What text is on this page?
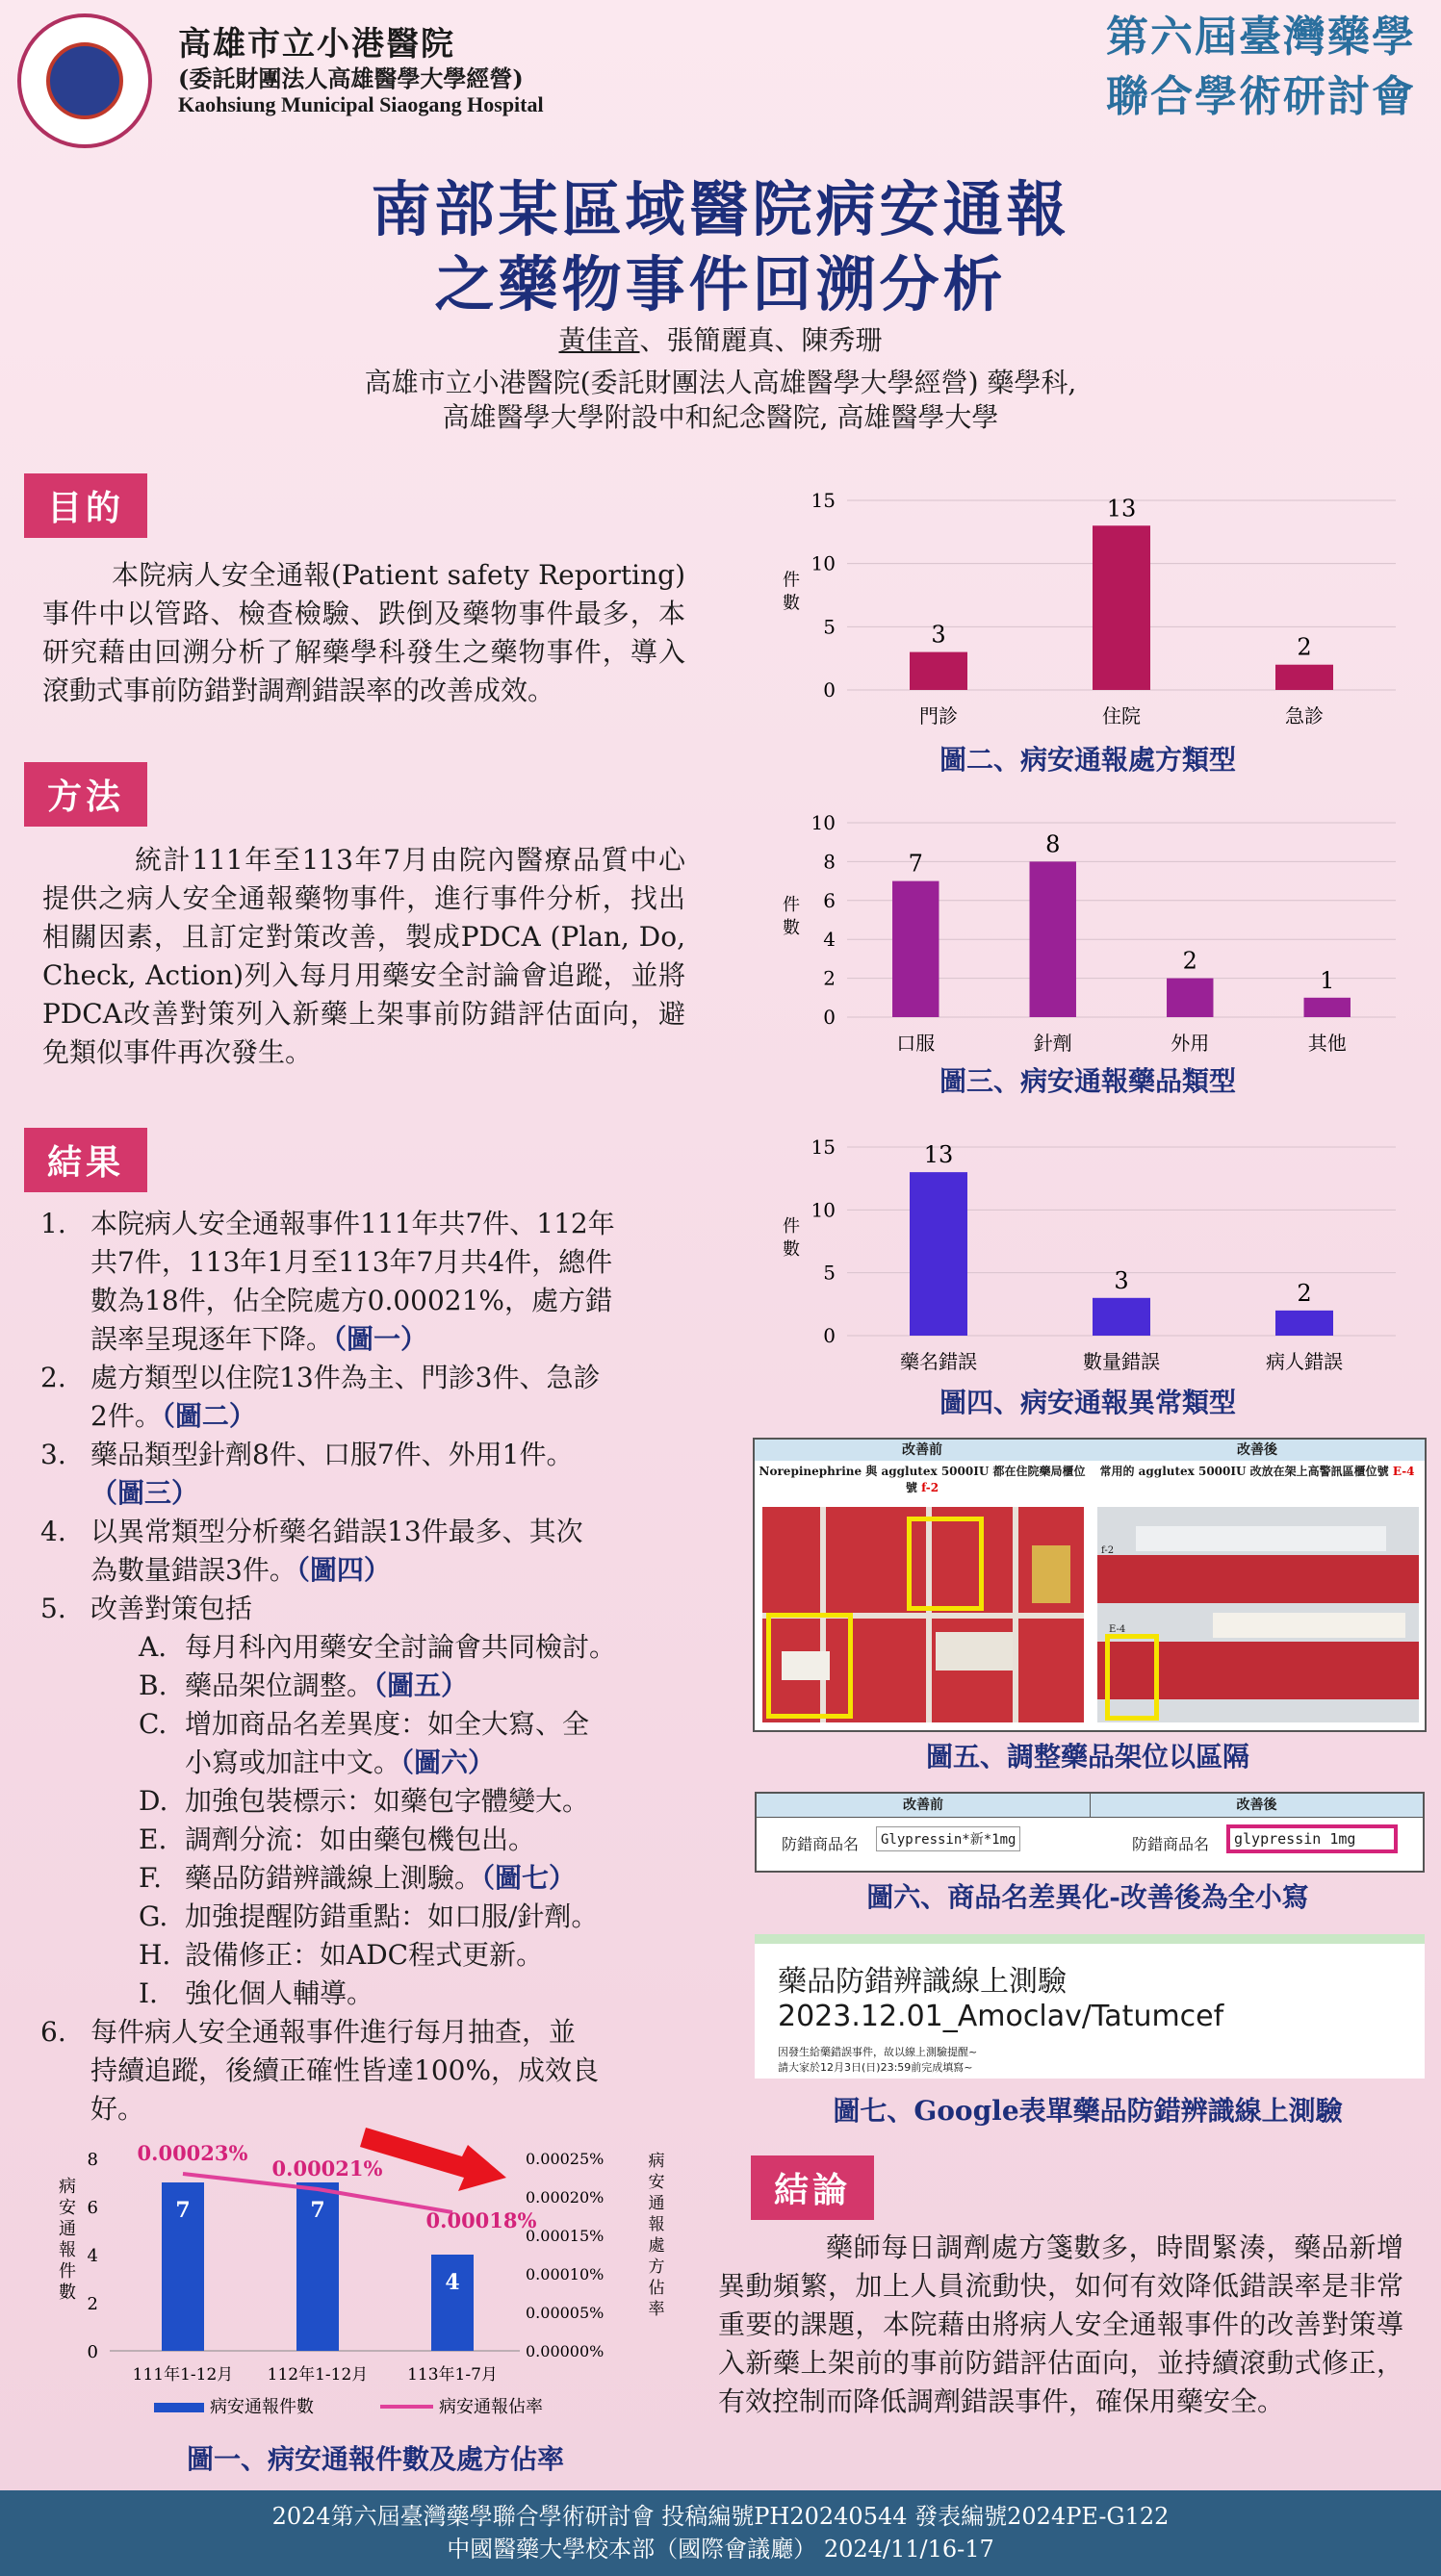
高雄市立小港醫院
(委託財團法人高雄醫學大學經營)
Kaohsiung Municipal Siaogang Hospital
第六屆臺灣藥學
聯合學術研討會
南部某區域醫院病安通報
之藥物事件回溯分析
黃佳音、張簡麗真、陳秀珊
高雄市立小港醫院(委託財團法人高雄醫學大學經營) 藥學科,
高雄醫學大學附設中和紀念醫院, 高雄醫學大學
目的
本院病人安全通報(Patient safety Reporting)事件中以管路、檢查檢驗、跌倒及藥物事件最多，本研究藉由回溯分析了解藥學科發生之藥物事件，導入滾動式事前防錯對調劑錯誤率的改善成效。
方法
統計111年至113年7月由院內醫療品質中心提供之病人安全通報藥物事件，進行事件分析，找出相關因素，且訂定對策改善，製成PDCA (Plan, Do, Check, Action)列入每月用藥安全討論會追蹤，並將PDCA改善對策列入新藥上架事前防錯評估面向，避免類似事件再次發生。
結果
1. 本院病人安全通報事件111年共7件、112年
共7件，113年1月至113年7月共4件，總件
數為18件，佔全院處方0.00021%，處方錯
誤率呈現逐年下降。（圖一）
2. 處方類型以住院13件為主、門診3件、急診
2件。（圖二）
3. 藥品類型針劑8件、口服7件、外用1件。
（圖三）
4. 以異常類型分析藥名錯誤13件最多、其次
為數量錯誤3件。（圖四）
5. 改善對策包括
A. 每月科內用藥安全討論會共同檢討。
B. 藥品架位調整。（圖五）
C. 增加商品名差異度：如全大寫、全
小寫或加註中文。（圖六）
D. 加強包裝標示：如藥包字體變大。
E. 調劑分流：如由藥包機包出。
F. 藥品防錯辨識線上測驗。（圖七）
G. 加強提醒防錯重點：如口服/針劑。
H. 設備修正：如ADC程式更新。
I. 強化個人輔導。
6. 每件病人安全通報事件進行每月抽查，並
持續追蹤，後續正確性皆達100%，成效良
好。
0
2
4
6
8
0.00000%
0.00005%
0.00010%
0.00015%
0.00020%
0.00025%
病
安
通
報
件
數
病
安
通
報
處
方
佔
率
7
111年1-12月
7
112年1-12月
4
113年1-7月
0.00023%
0.00021%
0.00018%
病安通報件數	病安通報佔率
圖一、病安通報件數及處方佔率
0
5
10
15
件
數
3
門診
13
住院
2
急診
圖二、病安通報處方類型
0
2
4
6
8
10
件
數
7
口服
8
針劑
2
外用
1
其他
圖三、病安通報藥品類型
0
5
10
15
件
數
13
藥名錯誤
3
數量錯誤
2
病人錯誤
圖四、病安通報異常類型
改善前	改善後
Norepinephrine 與 agglutex 5000IU 都在住院藥局櫃位號 f-2
常用的 agglutex 5000IU 改放在架上高警訊區櫃位號 E-4
f-2
E-4
圖五、調整藥品架位以區隔
改善前	改善後
防錯商品名	Glypressin*新*1mg	防錯商品名	glypressin 1mg
圖六、商品名差異化-改善後為全小寫
藥品防錯辨識線上測驗
2023.12.01_Amoclav/Tatumcef
因發生給藥錯誤事件，故以線上測驗提醒~
請大家於12月3日(日)23:59前完成填寫~
圖七、Google表單藥品防錯辨識線上測驗
結論
藥師每日調劑處方箋數多，時間緊湊，藥品新增異動頻繁，加上人員流動快，如何有效降低錯誤率是非常重要的課題，本院藉由將病人安全通報事件的改善對策導入新藥上架前的事前防錯評估面向，並持續滾動式修正，有效控制而降低調劑錯誤事件，確保用藥安全。
2024第六屆臺灣藥學聯合學術研討會 投稿編號PH20240544 發表編號2024PE-G122
中國醫藥大學校本部（國際會議廳） 2024/11/16-17
